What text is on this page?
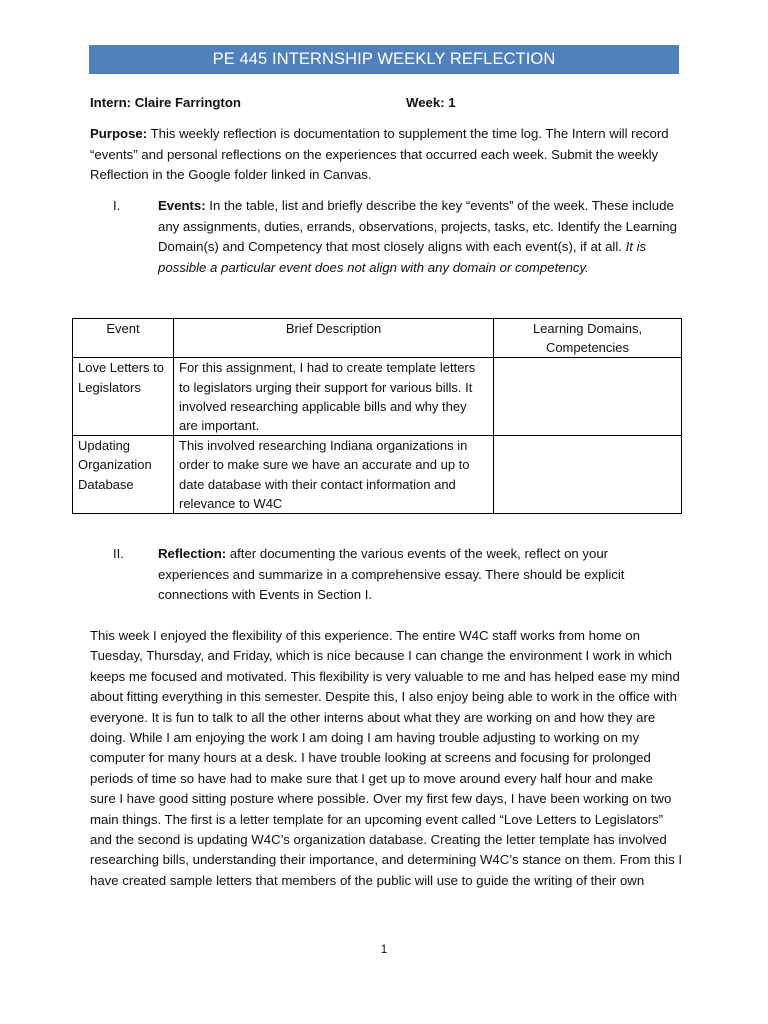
PE 445 INTERNSHIP WEEKLY REFLECTION
Intern: Claire Farrington	Week: 1
Purpose: This weekly reflection is documentation to supplement the time log. The Intern will record “events” and personal reflections on the experiences that occurred each week. Submit the weekly Reflection in the Google folder linked in Canvas.
I.	Events: In the table, list and briefly describe the key “events” of the week. These include any assignments, duties, errands, observations, projects, tasks, etc. Identify the Learning Domain(s) and Competency that most closely aligns with each event(s), if at all. It is possible a particular event does not align with any domain or competency.
Event	Brief Description	Learning Domains, Competencies
Love Letters to Legislators	For this assignment, I had to create template letters to legislators urging their support for various bills. It involved researching applicable bills and why they are important.	
Updating Organization Database	This involved researching Indiana organizations in order to make sure we have an accurate and up to date database with their contact information and relevance to W4C	
II.	Reflection: after documenting the various events of the week, reflect on your experiences and summarize in a comprehensive essay. There should be explicit connections with Events in Section I.
This week I enjoyed the flexibility of this experience. The entire W4C staff works from home on Tuesday, Thursday, and Friday, which is nice because I can change the environment I work in which keeps me focused and motivated. This flexibility is very valuable to me and has helped ease my mind about fitting everything in this semester. Despite this, I also enjoy being able to work in the office with everyone. It is fun to talk to all the other interns about what they are working on and how they are doing. While I am enjoying the work I am doing I am having trouble adjusting to working on my computer for many hours at a desk. I have trouble looking at screens and focusing for prolonged periods of time so have had to make sure that I get up to move around every half hour and make sure I have good sitting posture where possible. Over my first few days, I have been working on two main things. The first is a letter template for an upcoming event called “Love Letters to Legislators” and the second is updating W4C’s organization database. Creating the letter template has involved researching bills, understanding their importance, and determining W4C’s stance on them. From this I have created sample letters that members of the public will use to guide the writing of their own
1
